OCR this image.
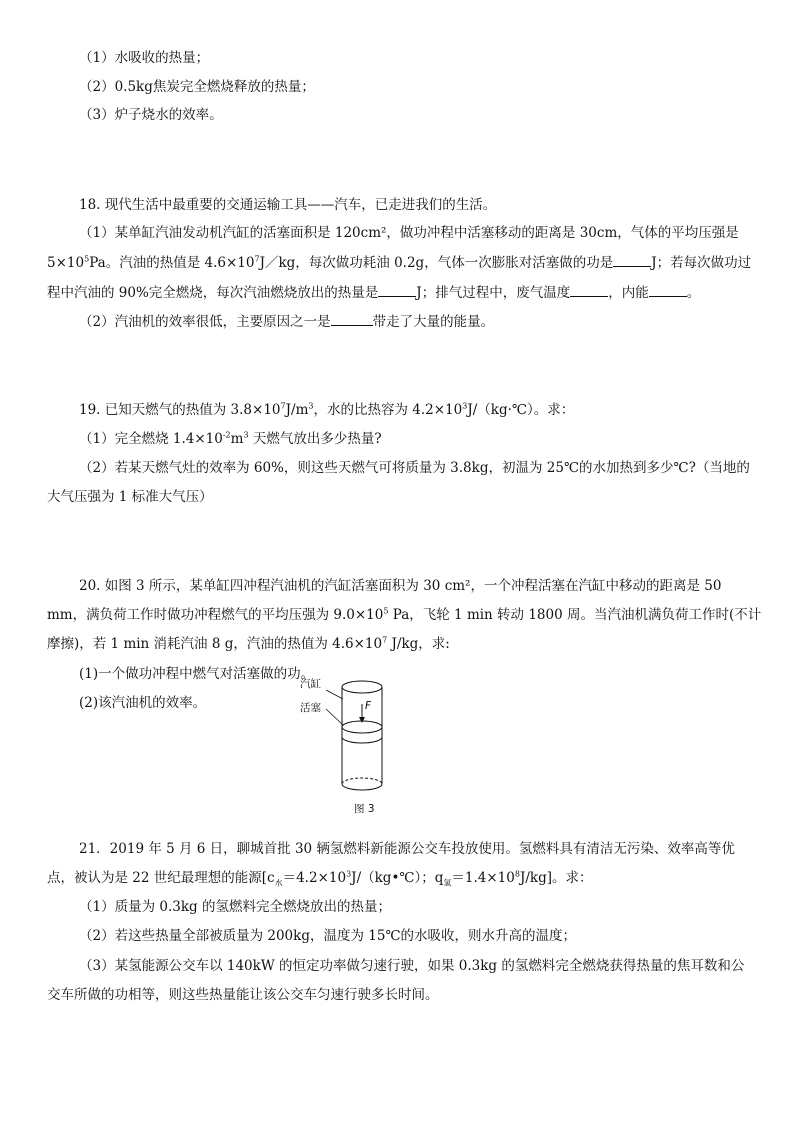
（1）水吸收的热量；
（2）0.5kg焦炭完全燃烧释放的热量；
（3）炉子烧水的效率。
18. 现代生活中最重要的交通运输工具——汽车，已走进我们的生活。
（1）某单缸汽油发动机汽缸的活塞面积是 120cm²，做功冲程中活塞移动的距离是 30cm，气体的平均压强是
$5\times 10^5Pa$。汽油的热值是 $4.6\times 10^7J/kg$，每次做功耗油 0.2g，气体一次膨胀对活塞做的功是	J；若每次做功过
程中汽油的 90%完全燃烧，每次汽油燃烧放出的热量是	J；排气过程中，废气温度	，内能	。
（2）汽油机的效率很低，主要原因之一是	带走了大量的能量。
19. 已知天燃气的热值为 $3.8\times 10^7J/m^3$，水的比热容为 $4.2\times 10^3J/(kg\cdot℃)$。求：
（1）完全燃烧 $1.4\times 10^{-2}m^3$ 天燃气放出多少热量?
（2）若某天燃气灶的效率为 60%，则这些天燃气可将质量为 3.8kg，初温为 25℃的水加热到多少℃?（当地的
大气压强为 1 标准大气压）
20. 如图 3 所示，某单缸四冲程汽油机的汽缸活塞面积为 30 cm²，一个冲程活塞在汽缸中移动的距离是 50
mm，满负荷工作时做功冲程燃气的平均压强为 $9.0\times 10^5$ Pa，飞轮 1 min 转动 1800 周。当汽油机满负荷工作时(不计
摩擦)，若 1 min 消耗汽油 8 g，汽油的热值为 $4.6\times 10^7$ J/kg，求:
(1)一个做功冲程中燃气对活塞做的功。
(2)该汽油机的效率。
汽缸
活塞	F
图 3
21．2019 年 5 月 6 日，聊城首批 30 辆氢燃料新能源公交车投放使用。氢燃料具有清洁无污染、效率高等优
点，被认为是 22 世纪最理想的能源[$c_水=4.2\times 10^3J/(kg•℃)$；$q_氢=1.4\times 10^8J/kg$]。求：
（1）质量为 0.3kg 的氢燃料完全燃烧放出的热量；
（2）若这些热量全部被质量为 200kg，温度为 15℃的水吸收，则水升高的温度；
（3）某氢能源公交车以 140kW 的恒定功率做匀速行驶，如果 0.3kg 的氢燃料完全燃烧获得热量的焦耳数和公
交车所做的功相等，则这些热量能让该公交车匀速行驶多长时间。
